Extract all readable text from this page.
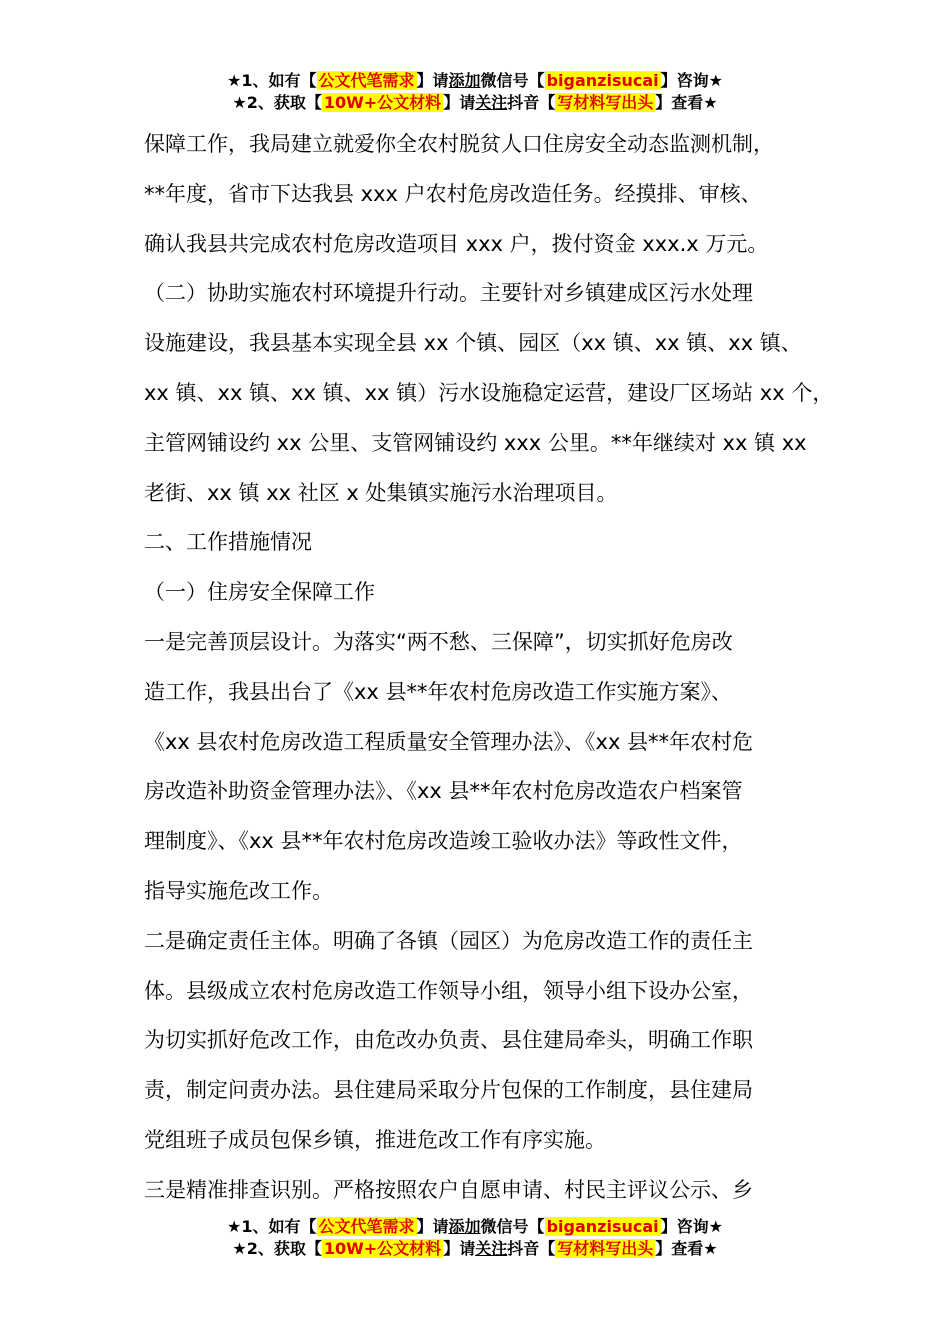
★1、如有【 公文代笔需求 】请添加微信号【 biganzisucai 】咨询★
★2、获取【 10W+公文材料 】请关注抖音【 写材料写出头 】查看★
保障工作，我局建立就爱你全农村脱贫人口住房安全动态监测机制，
**年度，省市下达我县 xxx 户农村危房改造任务。经摸排、审核、
确认我县共完成农村危房改造项目 xxx 户，拨付资金 xxx.x 万元。
（二）协助实施农村环境提升行动。主要针对乡镇建成区污水处理
设施建设，我县基本实现全县 xx 个镇、园区（xx 镇、xx 镇、xx 镇、
xx 镇、xx 镇、xx 镇、xx 镇）污水设施稳定运营，建设厂区场站 xx 个，
主管网铺设约 xx 公里、支管网铺设约 xxx 公里。**年继续对 xx 镇 xx
老街、xx 镇 xx 社区 x 处集镇实施污水治理项目。
二、工作措施情况
（一）住房安全保障工作
一是完善顶层设计。为落实“两不愁、三保障”，切实抓好危房改
造工作，我县出台了《xx 县**年农村危房改造工作实施方案》、
《xx 县农村危房改造工程质量安全管理办法》、《xx 县**年农村危
房改造补助资金管理办法》、《xx 县**年农村危房改造农户档案管
理制度》、《xx 县**年农村危房改造竣工验收办法》等政性文件，
指导实施危改工作。
二是确定责任主体。明确了各镇（园区）为危房改造工作的责任主
体。县级成立农村危房改造工作领导小组，领导小组下设办公室，
为切实抓好危改工作，由危改办负责、县住建局牵头，明确工作职
责，制定问责办法。县住建局采取分片包保的工作制度，县住建局
党组班子成员包保乡镇，推进危改工作有序实施。
三是精准排查识别。严格按照农户自愿申请、村民主评议公示、乡
★1、如有【 公文代笔需求 】请添加微信号【 biganzisucai 】咨询★
★2、获取【 10W+公文材料 】请关注抖音【 写材料写出头 】查看★
